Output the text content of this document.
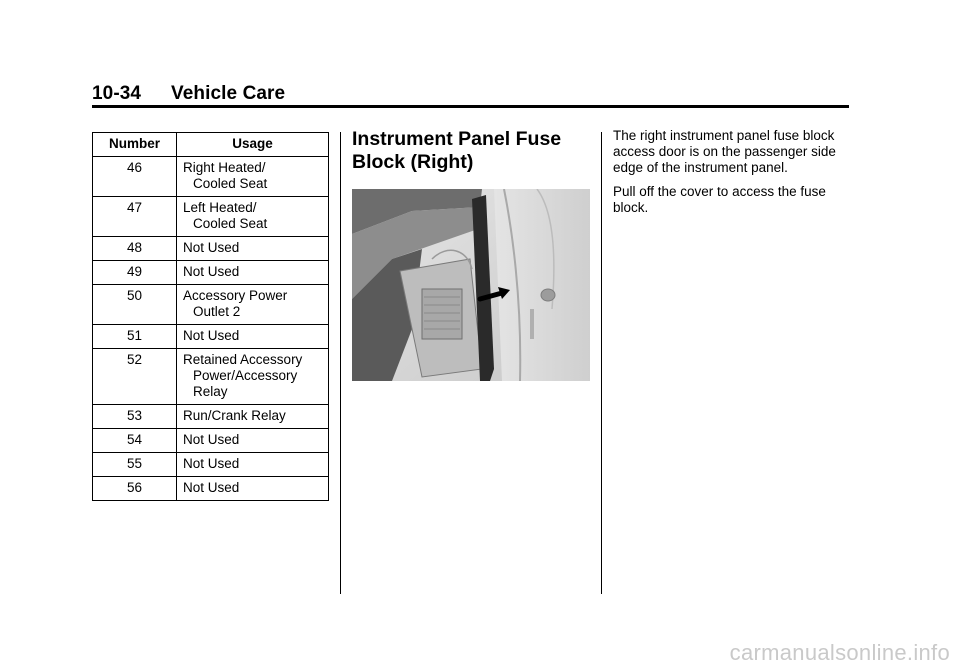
10-34 Vehicle Care
Number	Usage
46	Right Heated/
Cooled Seat

47	Left Heated/
Cooled Seat

48	Not Used

49	Not Used

50	Accessory Power
Outlet 2

51	Not Used

52	Retained Accessory
Power/Accessory
Relay

53	Run/Crank Relay

54	Not Used

55	Not Used

56	Not Used
Instrument Panel Fuse
Block (Right)

The right instrument panel fuse block access door is on the passenger side edge of the instrument panel.

Pull off the cover to access the fuse block.

carmanualsonline.info
